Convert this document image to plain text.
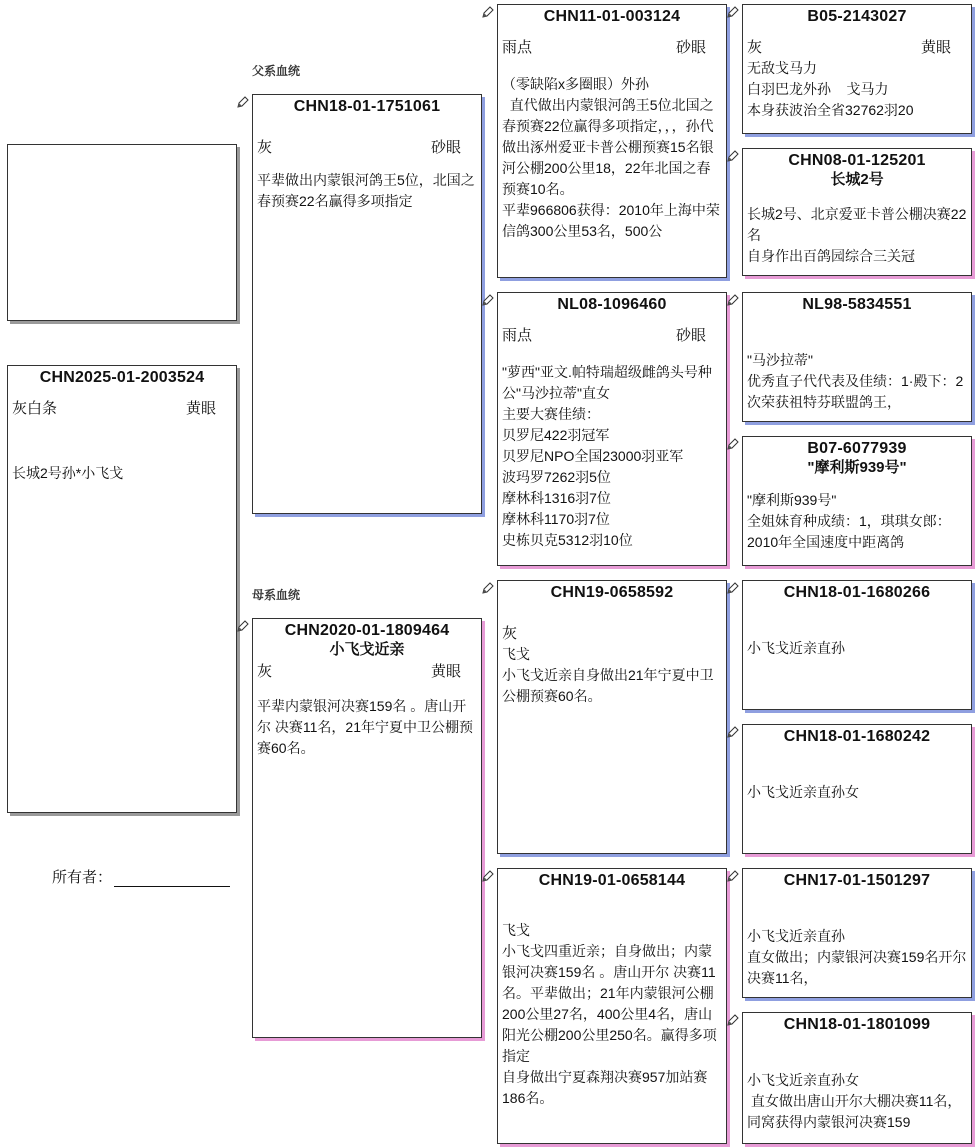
父系血统
母系血统
CHN2025-01-2003524
灰白条	黄眼
长城2号孙*小飞戈
所有者：
CHN18-01-1751061
灰	砂眼
平辈做出内蒙银河鸽王5位，北国之春预赛22名赢得多项指定
CHN2020-01-1809464
小飞戈近亲
灰	黄眼
平辈内蒙银河决赛159名 。唐山开尔 决赛11名，21年宁夏中卫公棚预赛60名。
CHN11-01-003124
雨点	砂眼
（零缺陷x多圈眼）外孙
直代做出内蒙银河鸽王5位北国之春预赛22位赢得多项指定，，，孙代做出涿州爱亚卡普公棚预赛15名银河公棚200公里18，22年北国之春预赛10名。
平辈966806获得：2010年上海中荣信鸽300公里53名，500公
NL08-1096460
雨点	砂眼
"萝西"亚文.帕特瑞超级雌鸽头号种公"马沙拉蒂"直女
主要大赛佳绩：
贝罗尼422羽冠军
贝罗尼NPO全国23000羽亚军
波玛罗7262羽5位
摩林科1316羽7位
摩林科1170羽7位
史栋贝克5312羽10位
CHN19-0658592
灰
飞戈
小飞戈近亲自身做出21年宁夏中卫公棚预赛60名。
CHN19-01-0658144
飞戈
小飞戈四重近亲；自身做出；内蒙银河决赛159名 。唐山开尔 决赛11名。平辈做出；21年内蒙银河公棚200公里27名，400公里4名，唐山阳光公棚200公里250名。赢得多项指定
自身做出宁夏森翔决赛957加站赛186名。
B05-2143027
灰	黄眼
无敌戈马力
白羽巴龙外孙    戈马力
本身获波治全省32762羽20
CHN08-01-125201
长城2号
长城2号、北京爱亚卡普公棚决赛22名
自身作出百鸽园综合三关冠
NL98-5834551
"马沙拉蒂"
优秀直子代代表及佳绩：1·殿下：2次荣获祖特芬联盟鸽王，
B07-6077939
"摩利斯939号"
"摩利斯939号"
全姐妹育种成绩：1，琪琪女郎：2010年全国速度中距离鸽
CHN18-01-1680266
小飞戈近亲直孙
CHN18-01-1680242
小飞戈近亲直孙女
CHN17-01-1501297
小飞戈近亲直孙
直女做出；内蒙银河决赛159名开尔决赛11名，
CHN18-01-1801099
小飞戈近亲直孙女
直女做出唐山开尔大棚决赛11名，同窝获得内蒙银河决赛159
